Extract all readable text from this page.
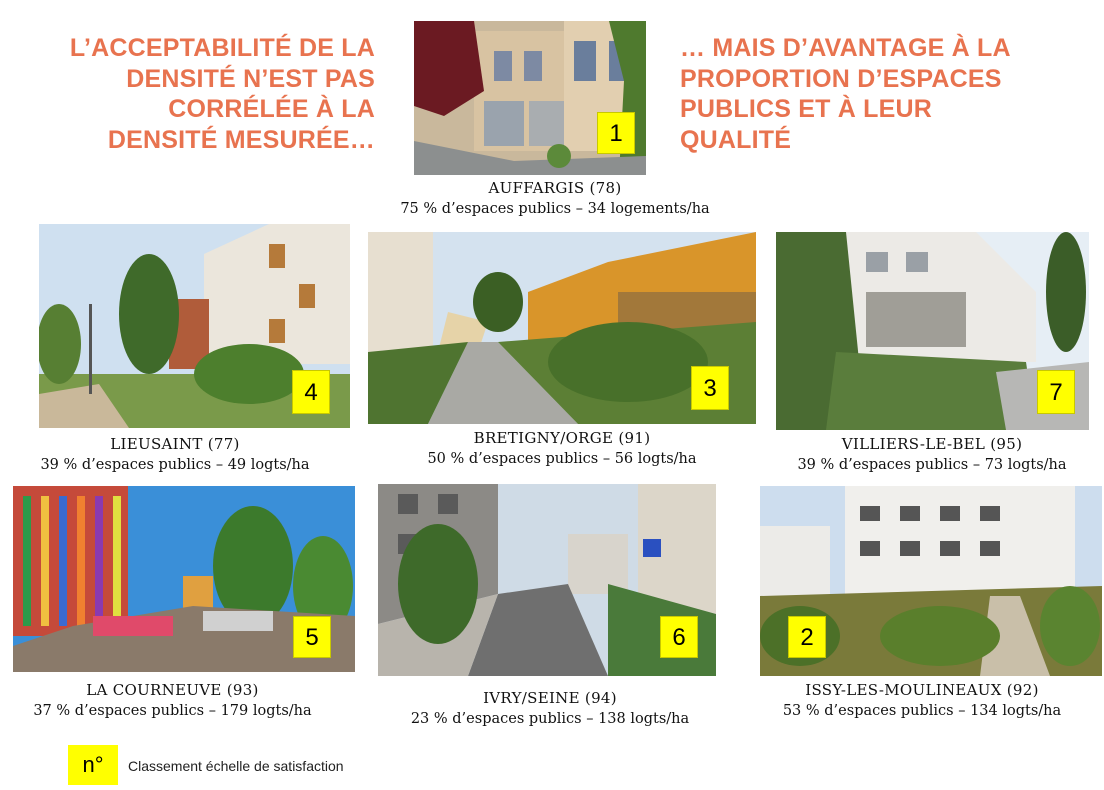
L’ACCEPTABILITÉ DE LA
DENSITÉ N’EST PAS
CORRÉLÉE À LA
DENSITÉ MESURÉE…
… MAIS D’AVANTAGE À LA
PROPORTION D’ESPACES
PUBLICS ET À LEUR
QUALITÉ
1
4	3	7
5	6	2
AUFFARGIS (78)
75 % d’espaces publics – 34 logements/ha
LIEUSAINT (77)
39 % d’espaces publics – 49 logts/ha
BRETIGNY/ORGE (91)
50 % d’espaces publics – 56 logts/ha
VILLIERS-LE-BEL (95)
39 % d’espaces publics – 73 logts/ha
LA COURNEUVE (93)
37 % d’espaces publics – 179 logts/ha
IVRY/SEINE (94)
23 % d’espaces publics – 138 logts/ha
ISSY-LES-MOULINEAUX (92)
53 % d’espaces publics – 134 logts/ha
n°	Classement échelle de satisfaction
